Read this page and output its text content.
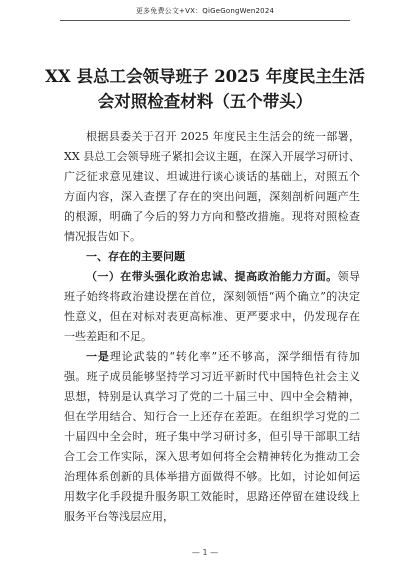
更多免费公文+VX：QiGeGongWen2024
XX 县总工会领导班子 2025 年度民主生活
会对照检查材料（五个带头）

根据县委关于召开 2025 年度民主生活会的统一部署，XX 县总工会领导班子紧扣会议主题，在深入开展学习研讨、广泛征求意见建议、坦诚进行谈心谈话的基础上，对照五个方面内容，深入查摆了存在的突出问题，深刻剖析问题产生的根源，明确了今后的努力方向和整改措施。现将对照检查情况报告如下。

一、存在的主要问题

（一）在带头强化政治忠诚、提高政治能力方面。领导班子始终将政治建设摆在首位，深刻领悟“两个确立”的决定性意义，但在对标对表更高标准、更严要求中，仍发现存在一些差距和不足。

一是理论武装的“转化率”还不够高，深学细悟有待加强。班子成员能够坚持学习习近平新时代中国特色社会主义思想，特别是认真学习了党的二十届三中、四中全会精神，但在学用结合、知行合一上还存在差距。在组织学习党的二十届四中全会时，班子集中学习研讨多，但引导干部职工结合工会工作实际，深入思考如何将全会精神转化为推动工会治理体系创新的具体举措方面做得不够。比如，讨论如何运用数字化手段提升服务职工效能时，思路还停留在建设线上服务平台等浅层应用，

— 1 —
